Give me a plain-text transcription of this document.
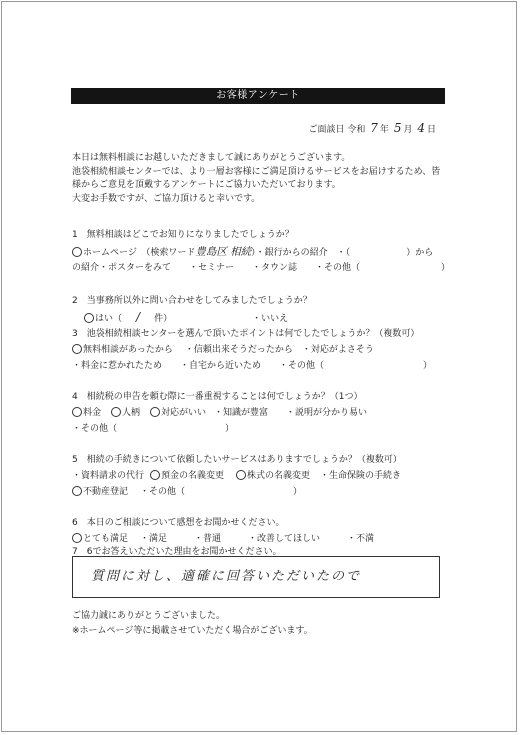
お客様アンケート
ご面談日 令和 7 年 5 月 4 日
本日は無料相談にお越しいただきまして誠にありがとうございます。
池袋相続相談センターでは、より一層お客様にご満足頂けるサービスをお届けするため、皆
様からご意見を頂戴するアンケートにご協力いただいております。
大変お手数ですが、ご協力頂けると幸いです。
1　無料相談はどこでお知りになりましたでしょうか？
ホームページ　（検索ワード豊島区 相続）・銀行からの紹介　・（	）から
の紹介・ポスターをみて　　・セミナー　　・タウン誌　　・その他（　　　　　　　　　）
2　当事務所以外に問い合わせをしてみましたでしょうか？
はい（ / 件）	・いいえ
3　池袋相続相談センターを選んで頂いたポイントは何でしたでしょうか？（複数可）
無料相談があったから ・信頼出来そうだったから　・対応がよさそう
・料金に惹かれたため　　・自宅から近いため　　・その他（　　　　　　　　　　　）
4　相続税の申告を頼む際に一番重視することは何でしょうか？（1つ）
料金 人柄 対応がいい ・知識が豊富　　・説明が分かり易い
・その他（　　　　　　　　　　　　）
5　相続の手続きについて依頼したいサービスはありますでしょうか？（複数可）
・資料請求の代行 預金の名義変更	株式の名義変更 ・生命保険の手続き
不動産登記 ・その他（　　　　　　　　　　　　）
6　本日のご相談について感想をお聞かせください。
とても満足 ・満足　　　・普通　　　・改善してほしい　　　・不満
7　6でお答えいただいた理由をお聞かせください。
質問に対し、適確に回答いただいたので
ご協力誠にありがとうございました。
※ホームページ等に掲載させていただく場合がございます。
